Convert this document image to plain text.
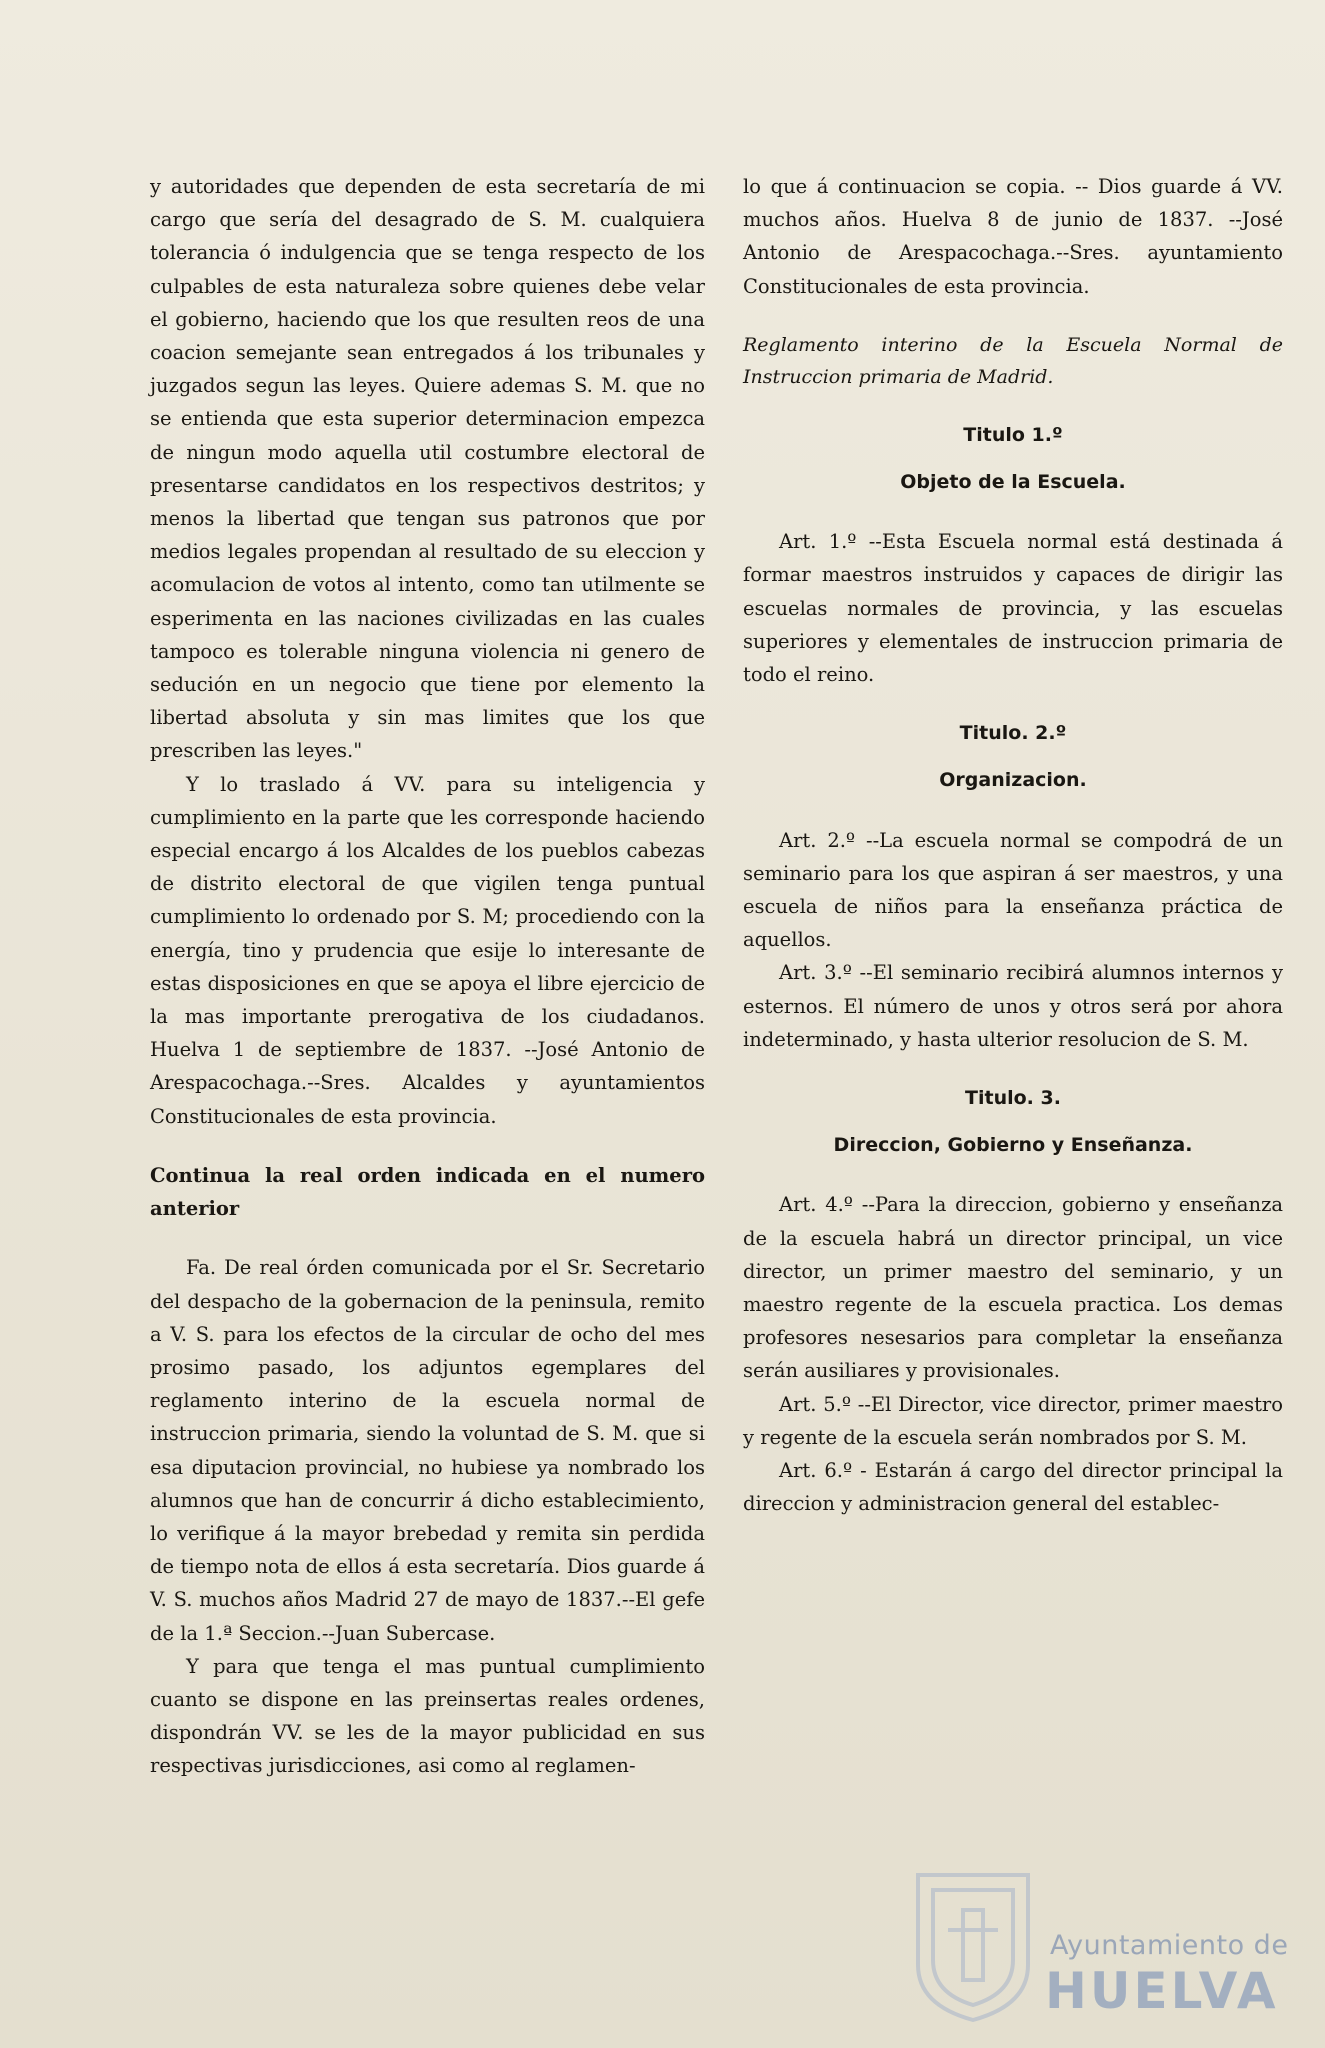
y autoridades que dependen de esta secretaría de mi cargo que sería del desagrado de S. M. cualquiera tolerancia ó indulgencia que se tenga respecto de los culpables de esta naturaleza sobre quienes debe velar el gobierno, haciendo que los que resulten reos de una coacion semejante sean entregados á los tribunales y juzgados segun las leyes. Quiere ademas S. M. que no se entienda que esta superior determinacion empezca de ningun modo aquella util costumbre electoral de presentarse candidatos en los respectivos destritos; y menos la libertad que tengan sus patronos que por medios legales propendan al resultado de su eleccion y acomulacion de votos al intento, como tan utilmente se esperimenta en las naciones civilizadas en las cuales tampoco es tolerable ninguna violencia ni genero de sedución en un negocio que tiene por elemento la libertad absoluta y sin mas limites que los que prescriben las leyes."

Y lo traslado á VV. para su inteligencia y cumplimiento en la parte que les corresponde haciendo especial encargo á los Alcaldes de los pueblos cabezas de distrito electoral de que vigilen tenga puntual cumplimiento lo ordenado por S. M; procediendo con la energía, tino y prudencia que esije lo interesante de estas disposiciones en que se apoya el libre ejercicio de la mas importante prerogativa de los ciudadanos. Huelva 1 de septiembre de 1837. --José Antonio de Arespacochaga.--Sres. Alcaldes y ayuntamientos Constitucionales de esta provincia.

Continua la real orden indicada en el numero anterior

Fa. De real órden comunicada por el Sr. Secretario del despacho de la gobernacion de la peninsula, remito a V. S. para los efectos de la circular de ocho del mes prosimo pasado, los adjuntos egemplares del reglamento interino de la escuela normal de instruccion primaria, siendo la voluntad de S. M. que si esa diputacion provincial, no hubiese ya nombrado los alumnos que han de concurrir á dicho establecimiento, lo verifique á la mayor brebedad y remita sin perdida de tiempo nota de ellos á esta secretaría. Dios guarde á V. S. muchos años Madrid 27 de mayo de 1837.--El gefe de la 1.ª Seccion.--Juan Subercase.

Y para que tenga el mas puntual cumplimiento cuanto se dispone en las preinsertas reales ordenes, dispondrán VV. se les de la mayor publicidad en sus respectivas jurisdicciones, asi como al reglamen-

lo que á continuacion se copia. -- Dios guarde á VV. muchos años. Huelva 8 de junio de 1837. --José Antonio de Arespacochaga.--Sres. ayuntamiento Constitucionales de esta provincia.

Reglamento interino de la Escuela Normal de Instruccion primaria de Madrid.

Titulo 1.º

Objeto de la Escuela.

Art. 1.º --Esta Escuela normal está destinada á formar maestros instruidos y capaces de dirigir las escuelas normales de provincia, y las escuelas superiores y elementales de instruccion primaria de todo el reino.

Titulo. 2.º

Organizacion.

Art. 2.º --La escuela normal se compodrá de un seminario para los que aspiran á ser maestros, y una escuela de niños para la enseñanza práctica de aquellos.

Art. 3.º --El seminario recibirá alumnos internos y esternos. El número de unos y otros será por ahora indeterminado, y hasta ulterior resolucion de S. M.

Titulo. 3.

Direccion, Gobierno y Enseñanza.

Art. 4.º --Para la direccion, gobierno y enseñanza de la escuela habrá un director principal, un vice director, un primer maestro del seminario, y un maestro regente de la escuela practica. Los demas profesores nesesarios para completar la enseñanza serán ausiliares y provisionales.

Art. 5.º --El Director, vice director, primer maestro y regente de la escuela serán nombrados por S. M.

Art. 6.º - Estarán á cargo del director principal la direccion y administracion general del establec-

Ayuntamiento de
HUELVA
